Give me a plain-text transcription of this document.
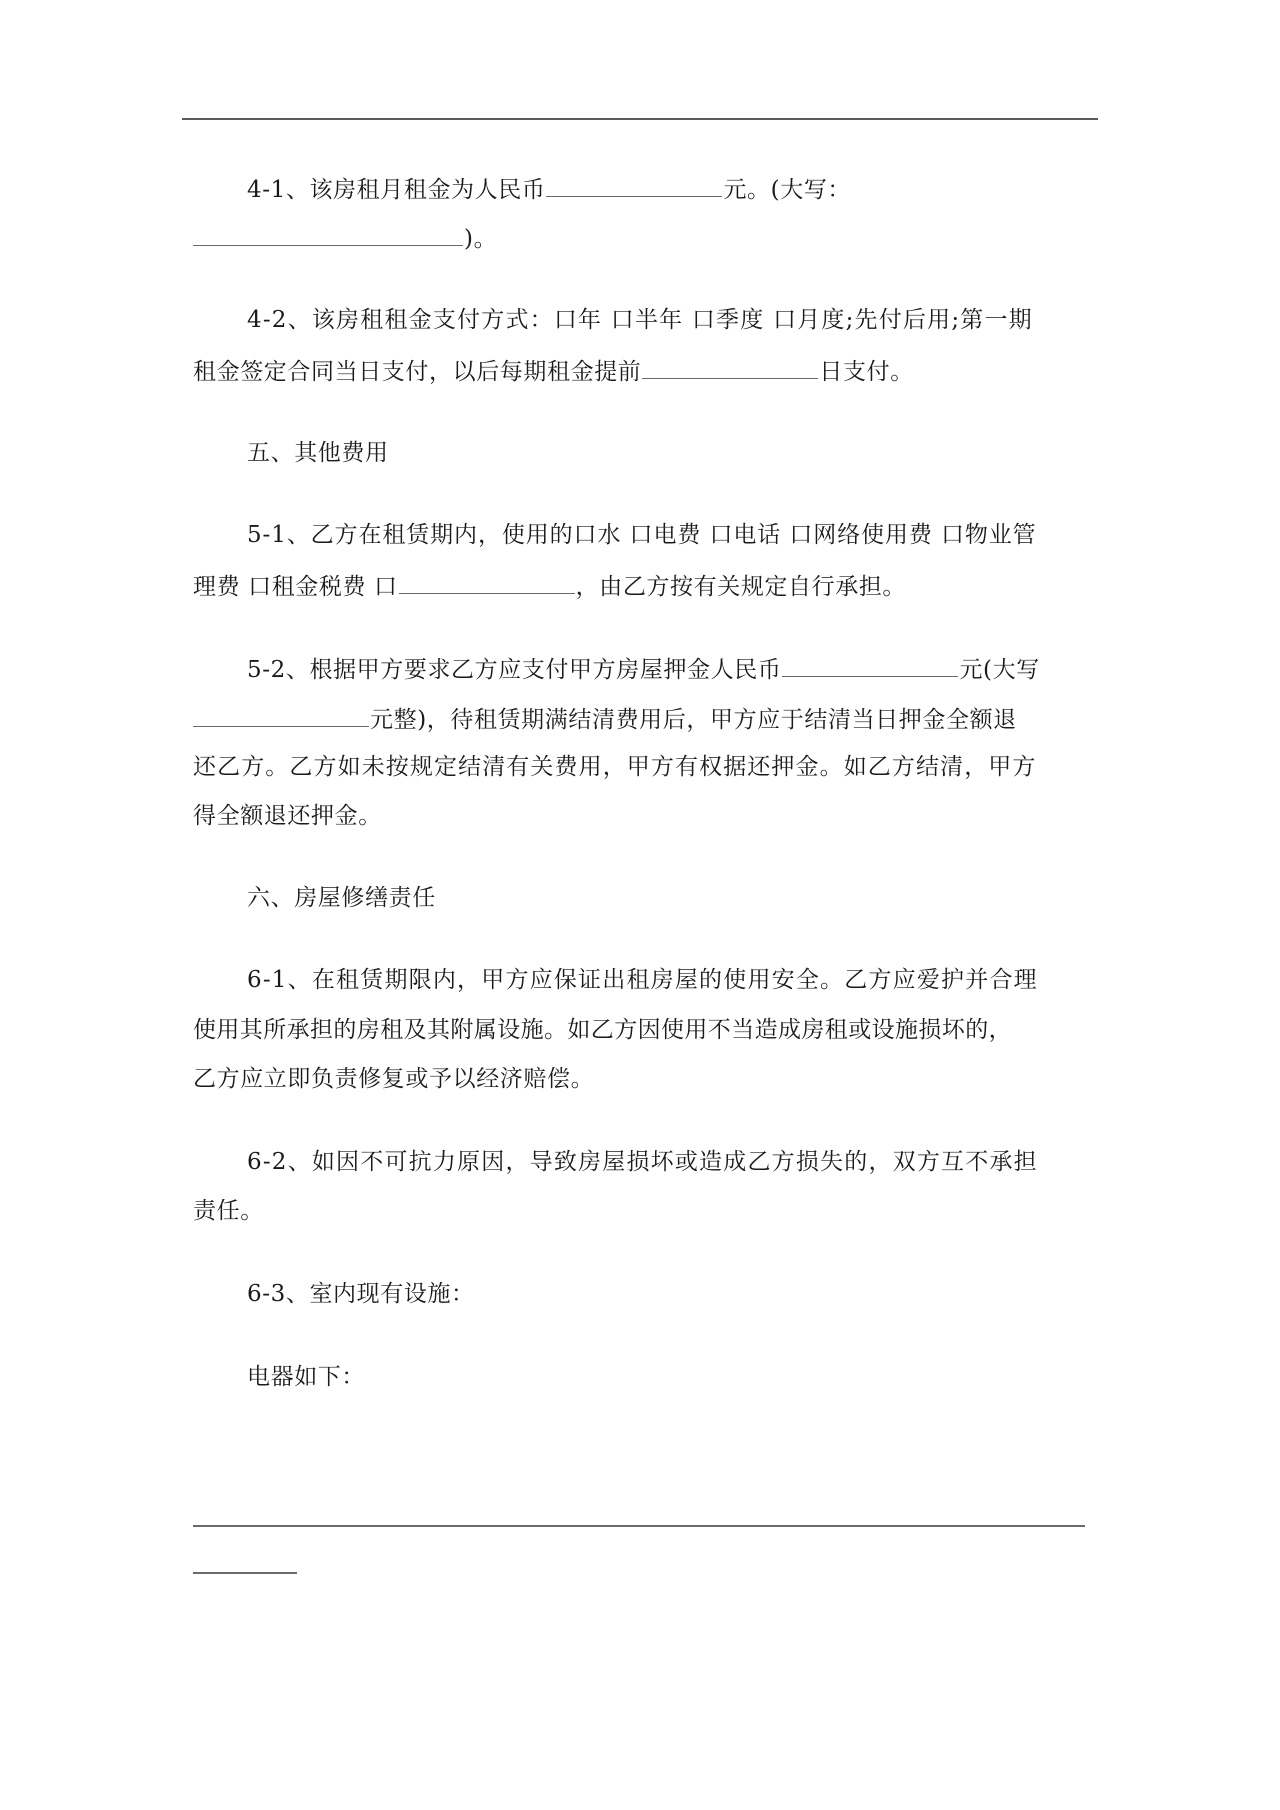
4-1、该房租月租金为人民币	元。(大写：
)。
4-2、该房租租金支付方式：口年 口半年 口季度 口月度;先付后用;第一期
租金签定合同当日支付，以后每期租金提前	日支付。
五、其他费用
5-1、乙方在租赁期内，使用的口水 口电费 口电话 口网络使用费 口物业管
理费 口租金税费 口	，由乙方按有关规定自行承担。
5-2、根据甲方要求乙方应支付甲方房屋押金人民币	元(大写
元整)，待租赁期满结清费用后，甲方应于结清当日押金全额退
还乙方。乙方如未按规定结清有关费用，甲方有权据还押金。如乙方结清，甲方
得全额退还押金。
六、房屋修缮责任
6-1、在租赁期限内，甲方应保证出租房屋的使用安全。乙方应爱护并合理
使用其所承担的房租及其附属设施。如乙方因使用不当造成房租或设施损坏的，
乙方应立即负责修复或予以经济赔偿。
6-2、如因不可抗力原因，导致房屋损坏或造成乙方损失的，双方互不承担
责任。
6-3、室内现有设施：
电器如下：
